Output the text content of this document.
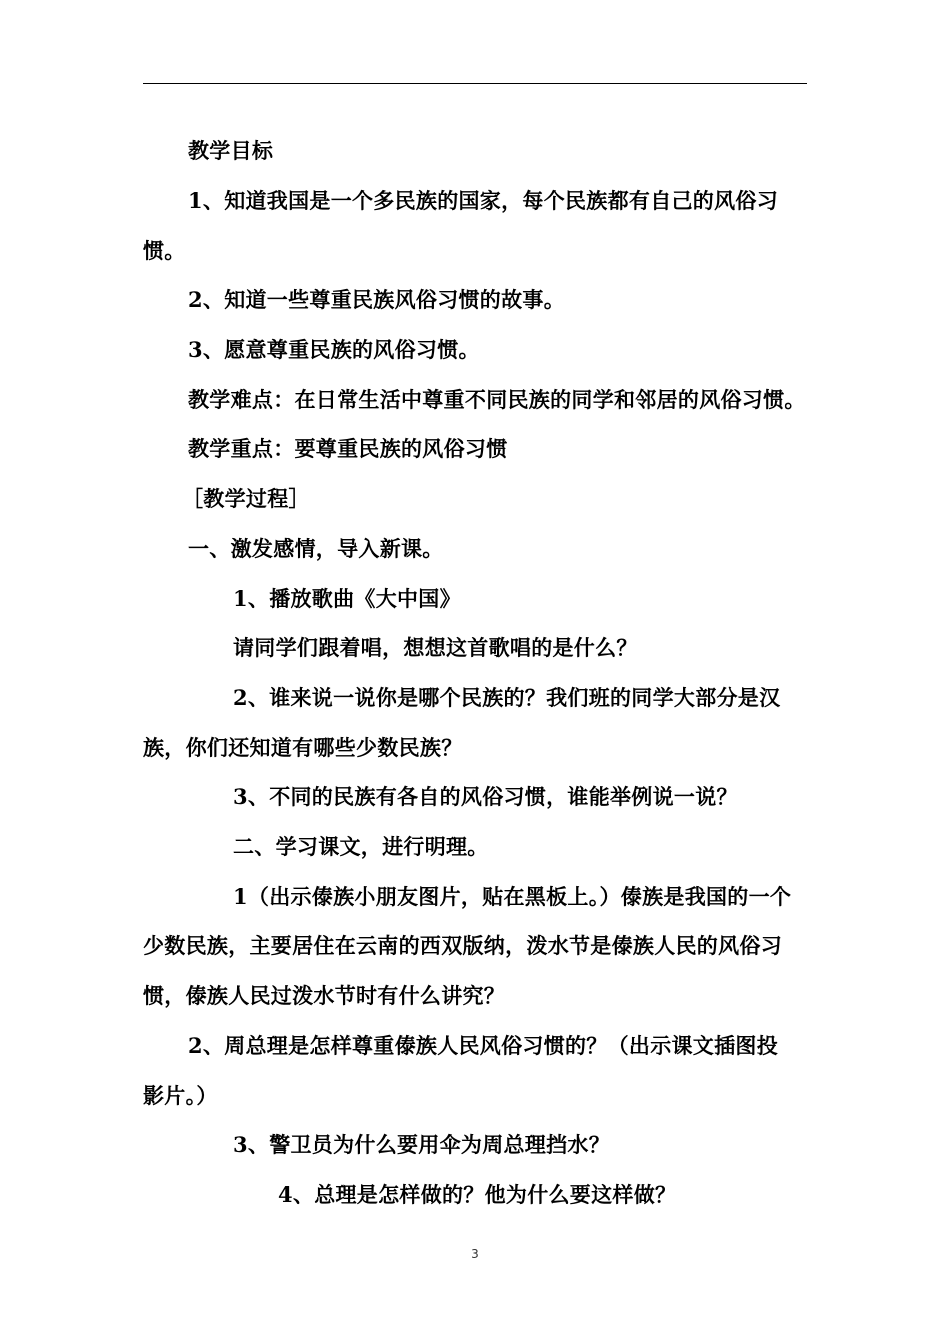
教学目标
1、知道我国是一个多民族的国家，每个民族都有自己的风俗习
惯。
2、知道一些尊重民族风俗习惯的故事。
3、愿意尊重民族的风俗习惯。
教学难点：在日常生活中尊重不同民族的同学和邻居的风俗习惯。
教学重点：要尊重民族的风俗习惯
［教学过程］
一、激发感情，导入新课。
1、播放歌曲《大中国》
请同学们跟着唱，想想这首歌唱的是什么？
2、谁来说一说你是哪个民族的？我们班的同学大部分是汉
族，你们还知道有哪些少数民族？
3、不同的民族有各自的风俗习惯，谁能举例说一说？
二、学习课文，进行明理。
1（出示傣族小朋友图片，贴在黑板上。）傣族是我国的一个
少数民族，主要居住在云南的西双版纳，泼水节是傣族人民的风俗习
惯，傣族人民过泼水节时有什么讲究？
2、周总理是怎样尊重傣族人民风俗习惯的？（出示课文插图投
影片。）
3、警卫员为什么要用伞为周总理挡水？
4、总理是怎样做的？他为什么要这样做？
3
